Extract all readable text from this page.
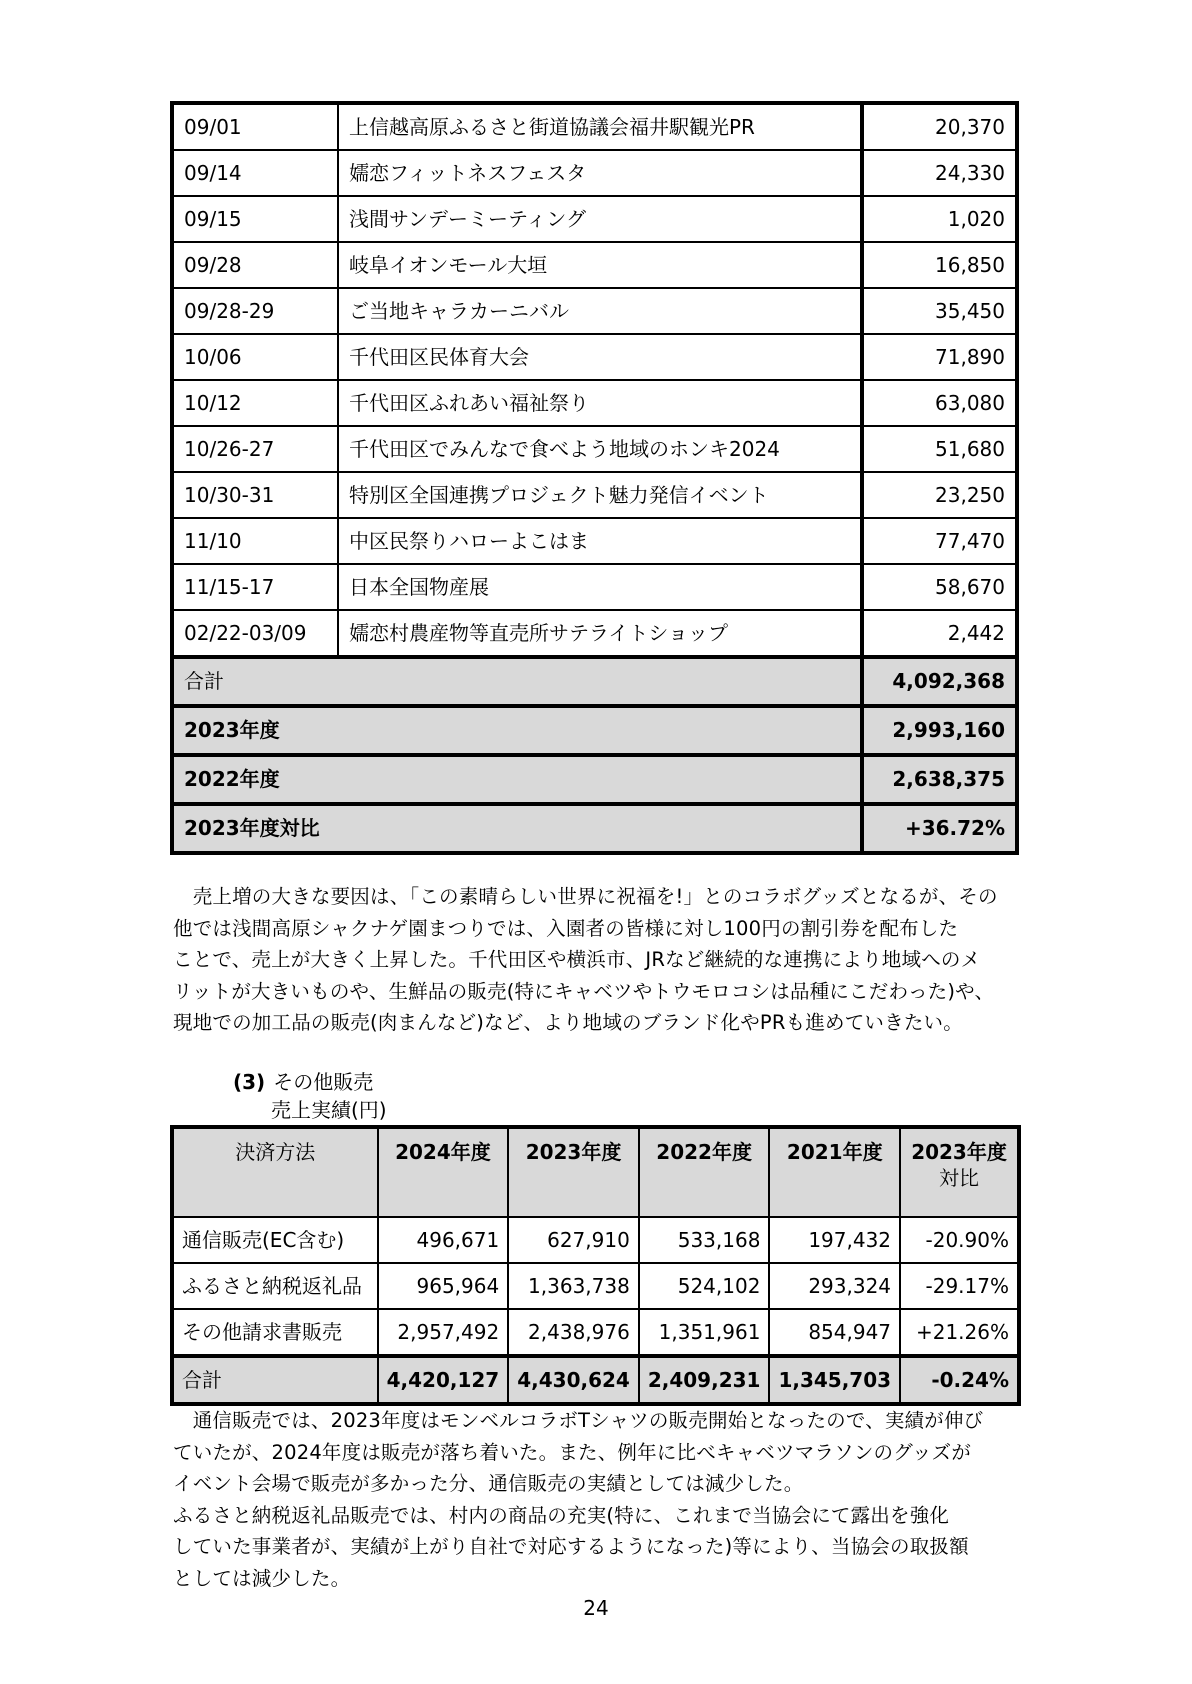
09/01	上信越高原ふるさと街道協議会福井駅観光PR	20,370
09/14	嬬恋フィットネスフェスタ	24,330
09/15	浅間サンデーミーティング	1,020
09/28	岐阜イオンモール大垣	16,850
09/28-29	ご当地キャラカーニバル	35,450
10/06	千代田区民体育大会	71,890
10/12	千代田区ふれあい福祉祭り	63,080
10/26-27	千代田区でみんなで食べよう地域のホンキ2024	51,680
10/30-31	特別区全国連携プロジェクト魅力発信イベント	23,250
11/10	中区民祭りハローよこはま	77,470
11/15-17	日本全国物産展	58,670
02/22-03/09	嬬恋村農産物等直売所サテライトショップ	2,442
合計		4,092,368
2023年度		2,993,160
2022年度		2,638,375
2023年度対比		+36.72%
　売上増の大きな要因は、「この素晴らしい世界に祝福を!」とのコラボグッズとなるが、その
他では浅間高原シャクナゲ園まつりでは、入園者の皆様に対し100円の割引券を配布した
ことで、売上が大きく上昇した。千代田区や横浜市、JRなど継続的な連携により地域へのメ
リットが大きいものや、生鮮品の販売(特にキャベツやトウモロコシは品種にこだわった)や、
現地での加工品の販売(肉まんなど)など、より地域のブランド化やPRも進めていきたい。
(3) その他販売
売上実績(円)
決済方法	2024年度	2023年度	2022年度	2021年度	2023年度
対比

通信販売(EC含む)	496,671	627,910	533,168	197,432	-20.90%
ふるさと納税返礼品	965,964	1,363,738	524,102	293,324	-29.17%
その他請求書販売	2,957,492	2,438,976	1,351,961	854,947	+21.26%
合計	4,420,127	4,430,624	2,409,231	1,345,703	-0.24%
　通信販売では、2023年度はモンベルコラボTシャツの販売開始となったので、実績が伸び
ていたが、2024年度は販売が落ち着いた。また、例年に比べキャベツマラソンのグッズが
イベント会場で販売が多かった分、通信販売の実績としては減少した。
ふるさと納税返礼品販売では、村内の商品の充実(特に、これまで当協会にて露出を強化
していた事業者が、実績が上がり自社で対応するようになった)等により、当協会の取扱額
としては減少した。
24
